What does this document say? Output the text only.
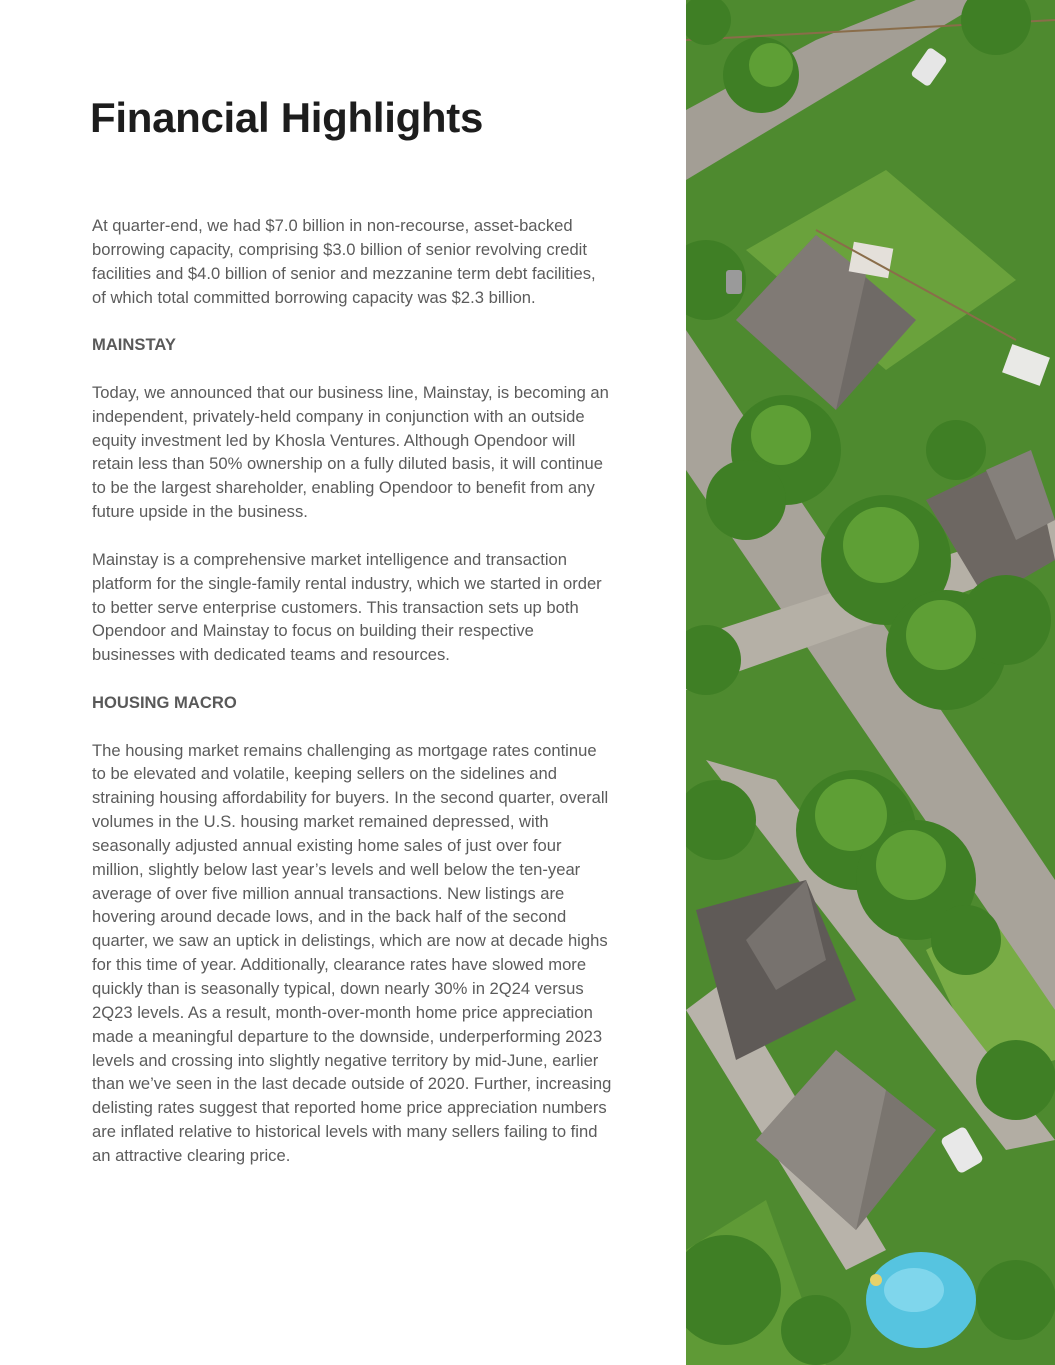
Financial Highlights

At quarter-end, we had $7.0 billion in non-recourse, asset-backed borrowing capacity, comprising $3.0 billion of senior revolving credit facilities and $4.0 billion of senior and mezzanine term debt facilities, of which total committed borrowing capacity was $2.3 billion.

MAINSTAY

Today, we announced that our business line, Mainstay, is becoming an independent, privately-held company in conjunction with an outside equity investment led by Khosla Ventures. Although Opendoor will retain less than 50% ownership on a fully diluted basis, it will continue to be the largest shareholder, enabling Opendoor to benefit from any future upside in the business.

Mainstay is a comprehensive market intelligence and transaction platform for the single-family rental industry, which we started in order to better serve enterprise customers. This transaction sets up both Opendoor and Mainstay to focus on building their respective businesses with dedicated teams and resources.

HOUSING MACRO

The housing market remains challenging as mortgage rates continue to be elevated and volatile, keeping sellers on the sidelines and straining housing affordability for buyers. In the second quarter, overall volumes in the U.S. housing market remained depressed, with seasonally adjusted annual existing home sales of just over four million, slightly below last year’s levels and well below the ten-year average of over five million annual transactions. New listings are hovering around decade lows, and in the back half of the second quarter, we saw an uptick in delistings, which are now at decade highs for this time of year. Additionally, clearance rates have slowed more quickly than is seasonally typical, down nearly 30% in 2Q24 versus 2Q23 levels. As a result, month-over-month home price appreciation made a meaningful departure to the downside, underperforming 2023 levels and crossing into slightly negative territory by mid-June, earlier than we’ve seen in the last decade outside of 2020. Further, increasing delisting rates suggest that reported home price appreciation numbers are inflated relative to historical levels with many sellers failing to find an attractive clearing price.
